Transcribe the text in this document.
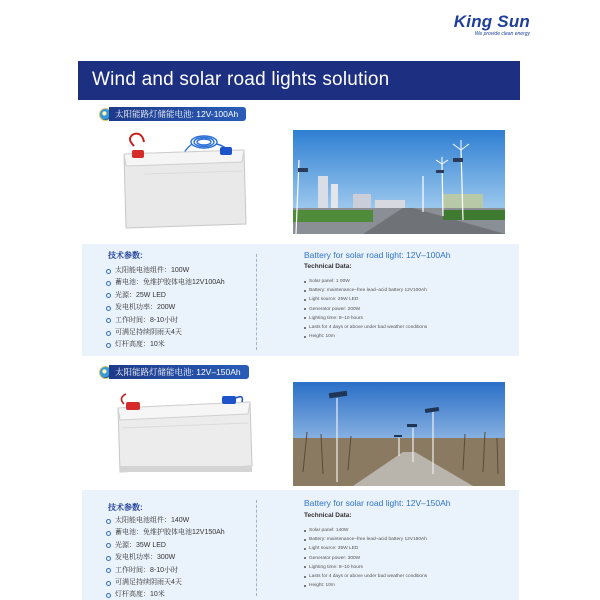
King Sun
We provide clean energy
Wind and solar road lights solution
太阳能路灯储能电池: 12V-100Ah
技术参数:
太阳能电池组件：100W
蓄电池：免维护胶体电池12V100Ah
光源：25W LED
发电机功率：200W
工作时间：8-10小时
可满足持续阴雨天4天
灯杆高度：10米
Battery for solar road light: 12V–100Ah
Technical Data:
Solar panel: 1 00W
Battery: maintenance–free lead–acid battery 12V100Ah
Light source: 25W LED
Generator power: 200W
Lighting time: 8–10 hours
Lasts for 4 days or above under bad weather conditions
Height: 10m
太阳能路灯储能电池: 12V–150Ah
技术参数:
太阳能电池组件：140W
蓄电池：免维护胶体电池12V150Ah
光源：35W LED
发电机功率：300W
工作时间：8-10小时
可满足持续阴雨天4天
灯杆高度：10米
Battery for solar road light: 12V–150Ah
Technical Data:
Solar panel: 140W
Battery: maintenance–free lead–acid battery 12V150Ah
Light source: 35W LED
Generator power: 300W
Lighting time: 8–10 hours
Lasts for 4 days or above under bad weather conditions
Height: 10m
